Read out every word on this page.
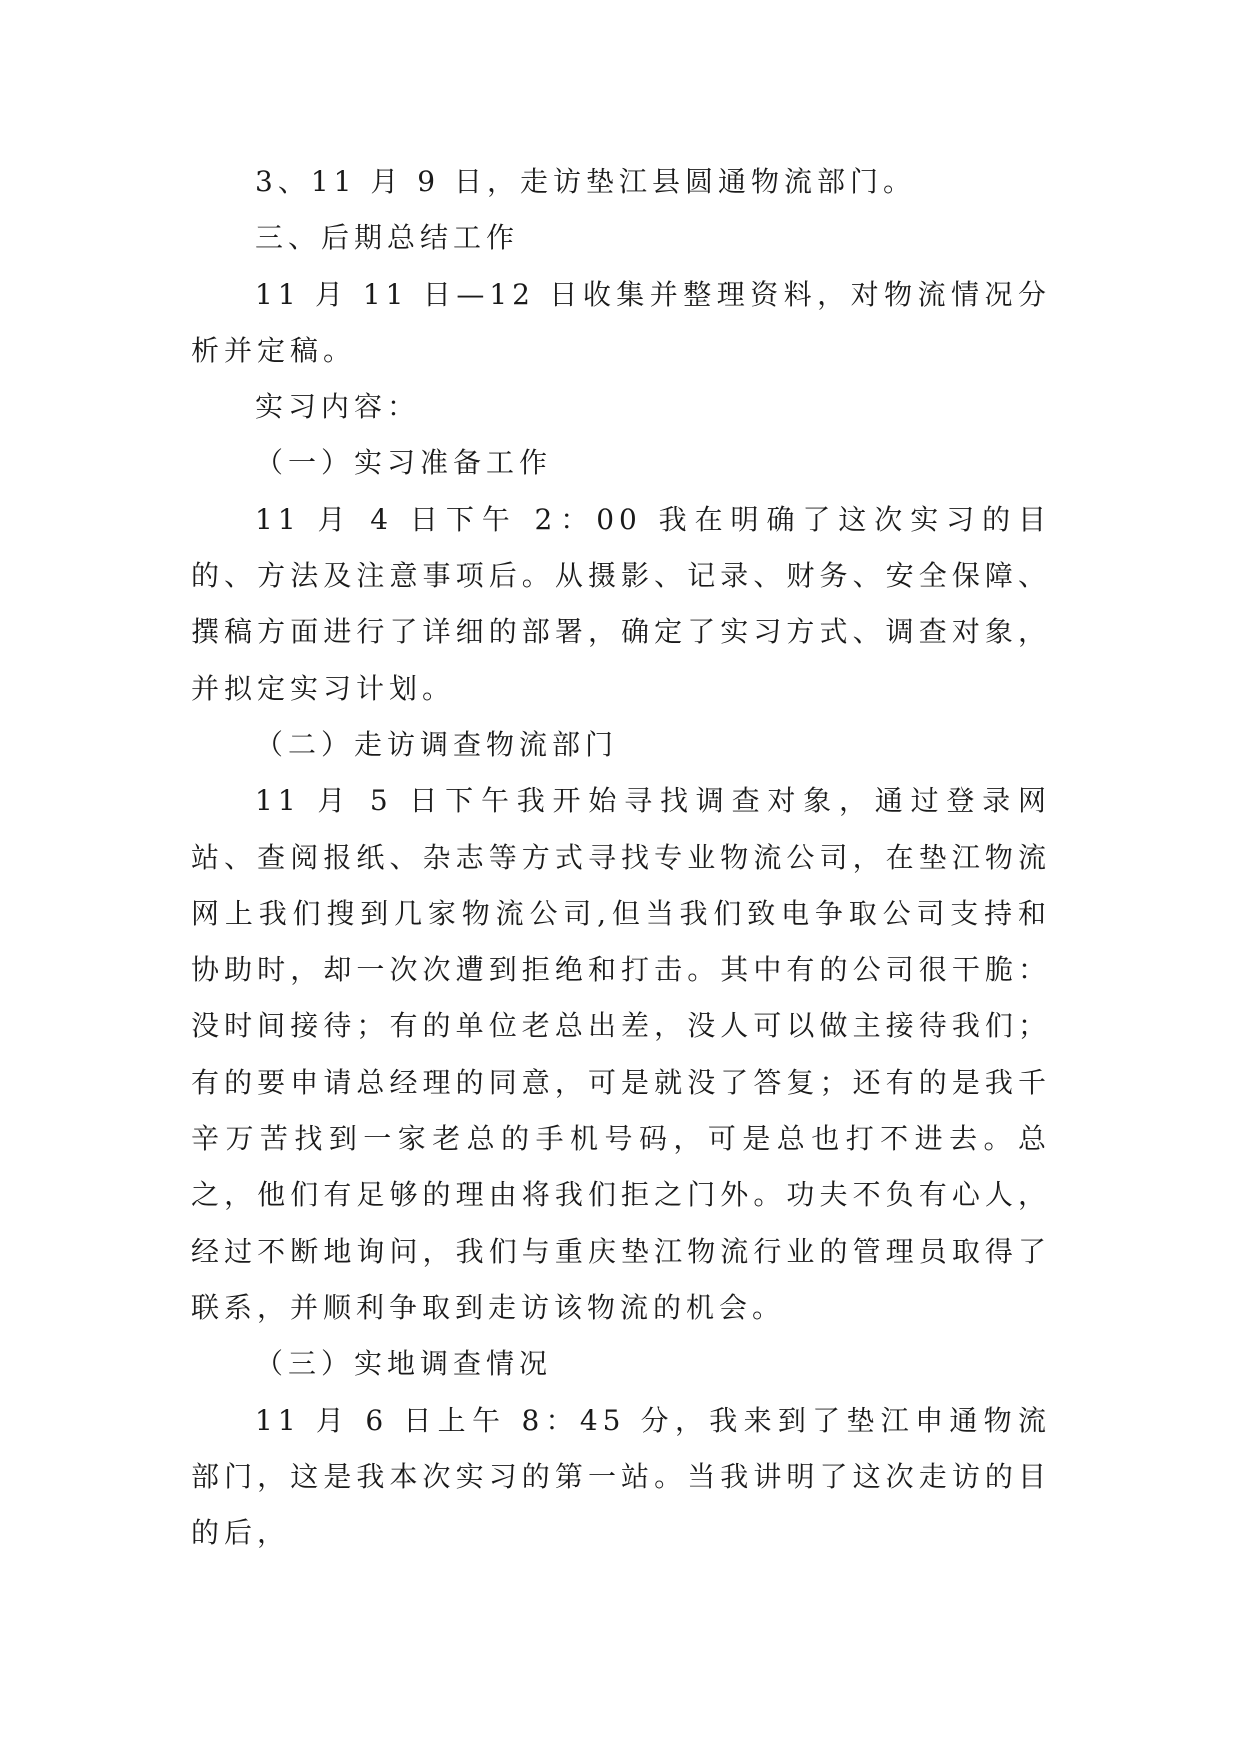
3、11 月 9 日，走访垫江县圆通物流部门。

三、后期总结工作

11 月 11 日—12 日收集并整理资料，对物流情况分析并定稿。

实习内容：

（一）实习准备工作

11 月 4 日下午 2：00 我在明确了这次实习的目的、方法及注意事项后。从摄影、记录、财务、安全保障、撰稿方面进行了详细的部署，确定了实习方式、调查对象，并拟定实习计划。

（二）走访调查物流部门

11 月 5 日下午我开始寻找调查对象，通过登录网站、查阅报纸、杂志等方式寻找专业物流公司，在垫江物流网上我们搜到几家物流公司,但当我们致电争取公司支持和协助时，却一次次遭到拒绝和打击。其中有的公司很干脆：没时间接待；有的单位老总出差，没人可以做主接待我们；有的要申请总经理的同意，可是就没了答复；还有的是我千辛万苦找到一家老总的手机号码，可是总也打不进去。总之，他们有足够的理由将我们拒之门外。功夫不负有心人，经过不断地询问，我们与重庆垫江物流行业的管理员取得了联系，并顺利争取到走访该物流的机会。

（三）实地调查情况

11 月 6 日上午 8：45 分，我来到了垫江申通物流部门，这是我本次实习的第一站。当我讲明了这次走访的目的后，
